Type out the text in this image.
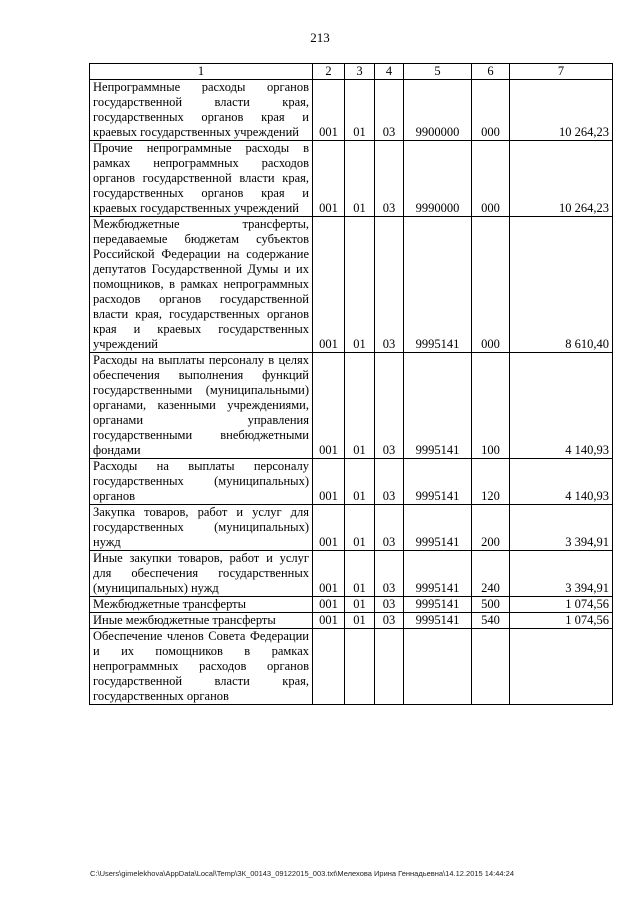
213
1	2	3	4	5	6	7
Непрограммные расходы органов государственной власти края, государственных органов края и краевых государственных учреждений	001	01	03	9900000	000	10 264,23
Прочие непрограммные расходы в рамках непрограммных расходов органов государственной власти края, государственных органов края и краевых государственных учреждений	001	01	03	9990000	000	10 264,23
Межбюджетные трансферты, передаваемые бюджетам субъектов Российской Федерации на содержание депутатов Государственной Думы и их помощников, в рамках непрограммных расходов органов государственной власти края, государственных органов края и краевых государственных учреждений	001	01	03	9995141	000	8 610,40
Расходы на выплаты персоналу в целях обеспечения выполнения функций государственными (муниципальными) органами, казенными учреждениями, органами управления государственными внебюджетными фондами	001	01	03	9995141	100	4 140,93
Расходы на выплаты персоналу государственных (муниципальных) органов	001	01	03	9995141	120	4 140,93
Закупка товаров, работ и услуг для государственных (муниципальных) нужд	001	01	03	9995141	200	3 394,91
Иные закупки товаров, работ и услуг для обеспечения государственных (муниципальных) нужд	001	01	03	9995141	240	3 394,91
Межбюджетные трансферты	001	01	03	9995141	500	1 074,56
Иные межбюджетные трансферты	001	01	03	9995141	540	1 074,56
Обеспечение членов Совета Федерации и их помощников в рамках непрограммных расходов органов государственной власти края, государственных органов						
C:\Users\gimelekhova\AppData\Local\Temp\ЗК_00143_09122015_003.txt\Мелехова Ирина Геннадьевна\14.12.2015 14:44:24
